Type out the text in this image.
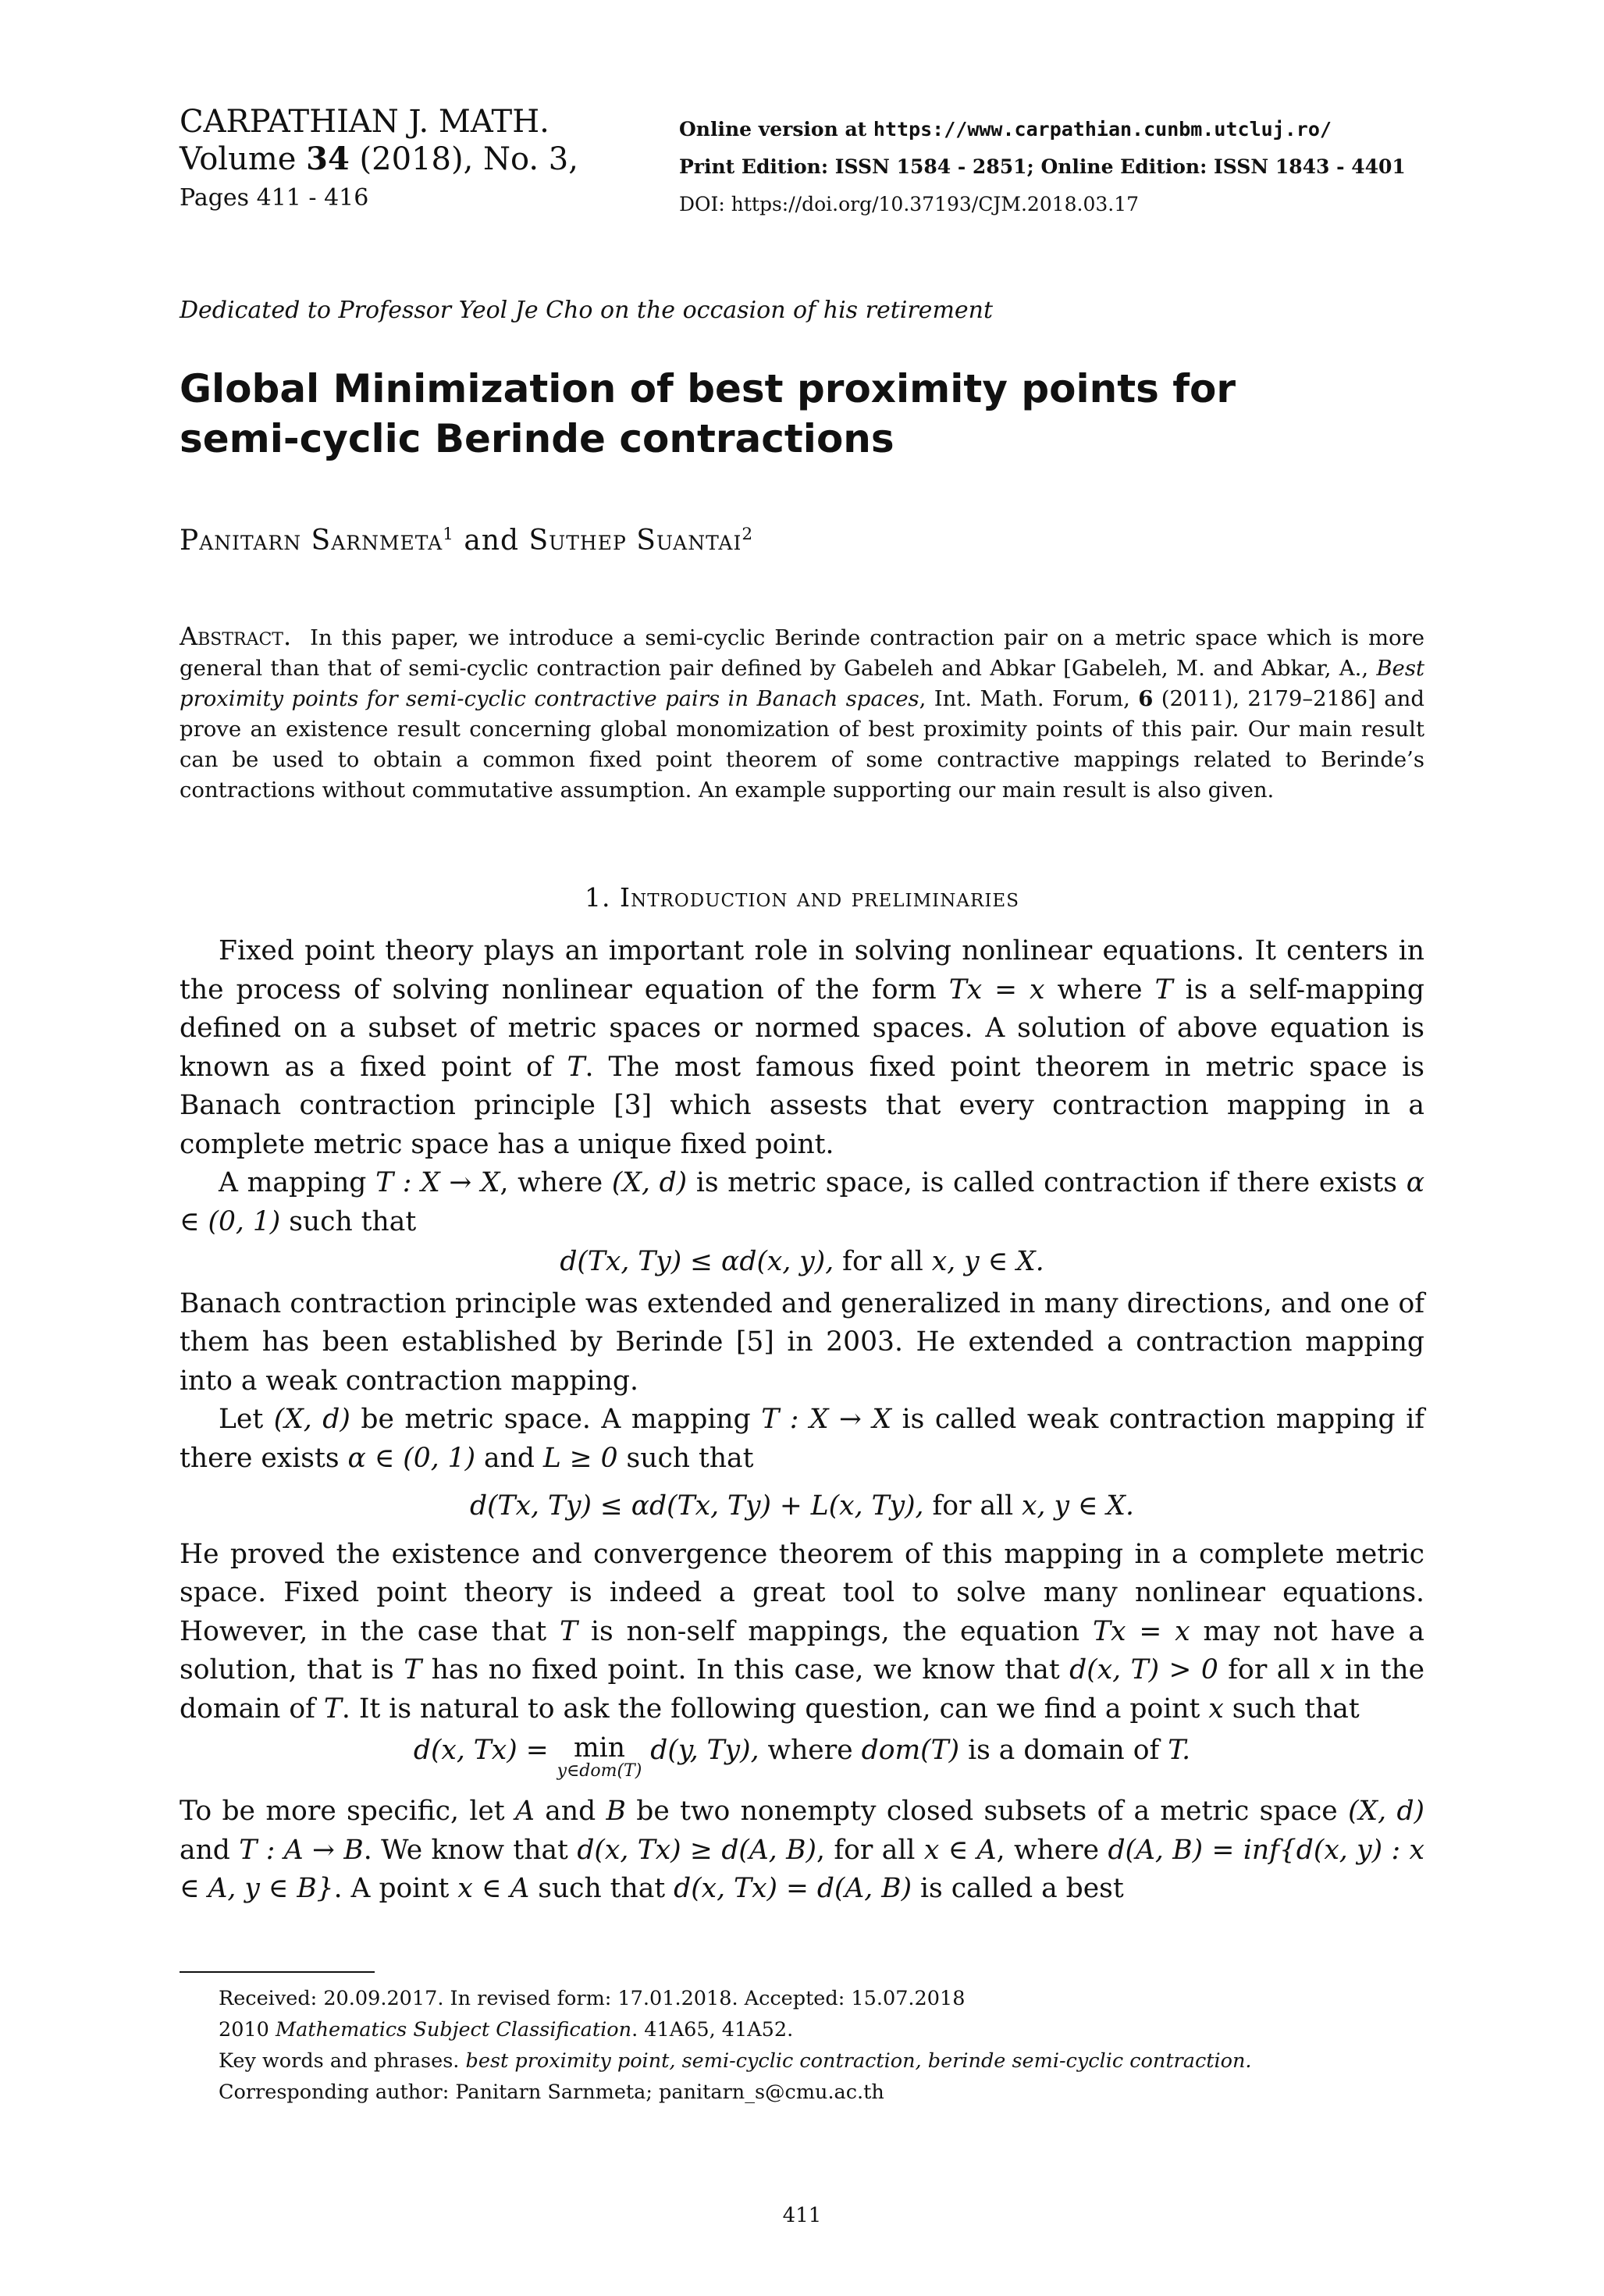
CARPATHIAN J. MATH.
Volume 34 (2018), No. 3,
Pages 411 - 416
Online version at https://www.carpathian.cunbm.utcluj.ro/
Print Edition: ISSN 1584 - 2851; Online Edition: ISSN 1843 - 4401
DOI: https://doi.org/10.37193/CJM.2018.03.17
Dedicated to Professor Yeol Je Cho on the occasion of his retirement
Global Minimization of best proximity points for
semi-cyclic Berinde contractions
Panitarn Sarnmeta$^1$ and Suthep Suantai$^2$
Abstract. In this paper, we introduce a semi-cyclic Berinde contraction pair on a metric space which is more general than that of semi-cyclic contraction pair defined by Gabeleh and Abkar [Gabeleh, M. and Abkar, A., Best proximity points for semi-cyclic contractive pairs in Banach spaces, Int. Math. Forum, 6 (2011), 2179–2186] and prove an existence result concerning global monomization of best proximity points of this pair. Our main result can be used to obtain a common fixed point theorem of some contractive mappings related to Berinde’s contractions without commutative assumption. An example supporting our main result is also given.
1. Introduction and preliminaries

Fixed point theory plays an important role in solving nonlinear equations. It centers in the process of solving nonlinear equation of the form Tx = x where T is a self-mapping defined on a subset of metric spaces or normed spaces. A solution of above equation is known as a fixed point of T. The most famous fixed point theorem in metric space is Banach contraction principle [3] which assests that every contraction mapping in a complete metric space has a unique fixed point.

A mapping T : X → X, where (X, d) is metric space, is called contraction if there exists α ∈ (0, 1) such that

d(Tx, Ty) ≤ αd(x, y), for all x, y ∈ X.

Banach contraction principle was extended and generalized in many directions, and one of them has been established by Berinde [5] in 2003. He extended a contraction mapping into a weak contraction mapping.

Let (X, d) be metric space. A mapping T : X → X is called weak contraction mapping if there exists α ∈ (0, 1) and L ≥ 0 such that

d(Tx, Ty) ≤ αd(Tx, Ty) + L(x, Ty), for all x, y ∈ X.

He proved the existence and convergence theorem of this mapping in a complete metric space. Fixed point theory is indeed a great tool to solve many nonlinear equations. However, in the case that T is non-self mappings, the equation Tx = x may not have a solution, that is T has no fixed point. In this case, we know that d(x, T) > 0 for all x in the domain of T. It is natural to ask the following question, can we find a point x such that

d(x, Tx) = min
y∈dom(T)
d(y, Ty), where dom(T) is a domain of T.

To be more specific, let A and B be two nonempty closed subsets of a metric space (X, d) and T : A → B. We know that d(x, Tx) ≥ d(A, B), for all x ∈ A, where d(A, B) = inf{d(x, y) : x ∈ A, y ∈ B}. A point x ∈ A such that d(x, Tx) = d(A, B) is called a best

Received: 20.09.2017. In revised form: 17.01.2018. Accepted: 15.07.2018
2010 Mathematics Subject Classification. 41A65, 41A52.
Key words and phrases. best proximity point, semi-cyclic contraction, berinde semi-cyclic contraction.
Corresponding author: Panitarn Sarnmeta; panitarn_s@cmu.ac.th
411
